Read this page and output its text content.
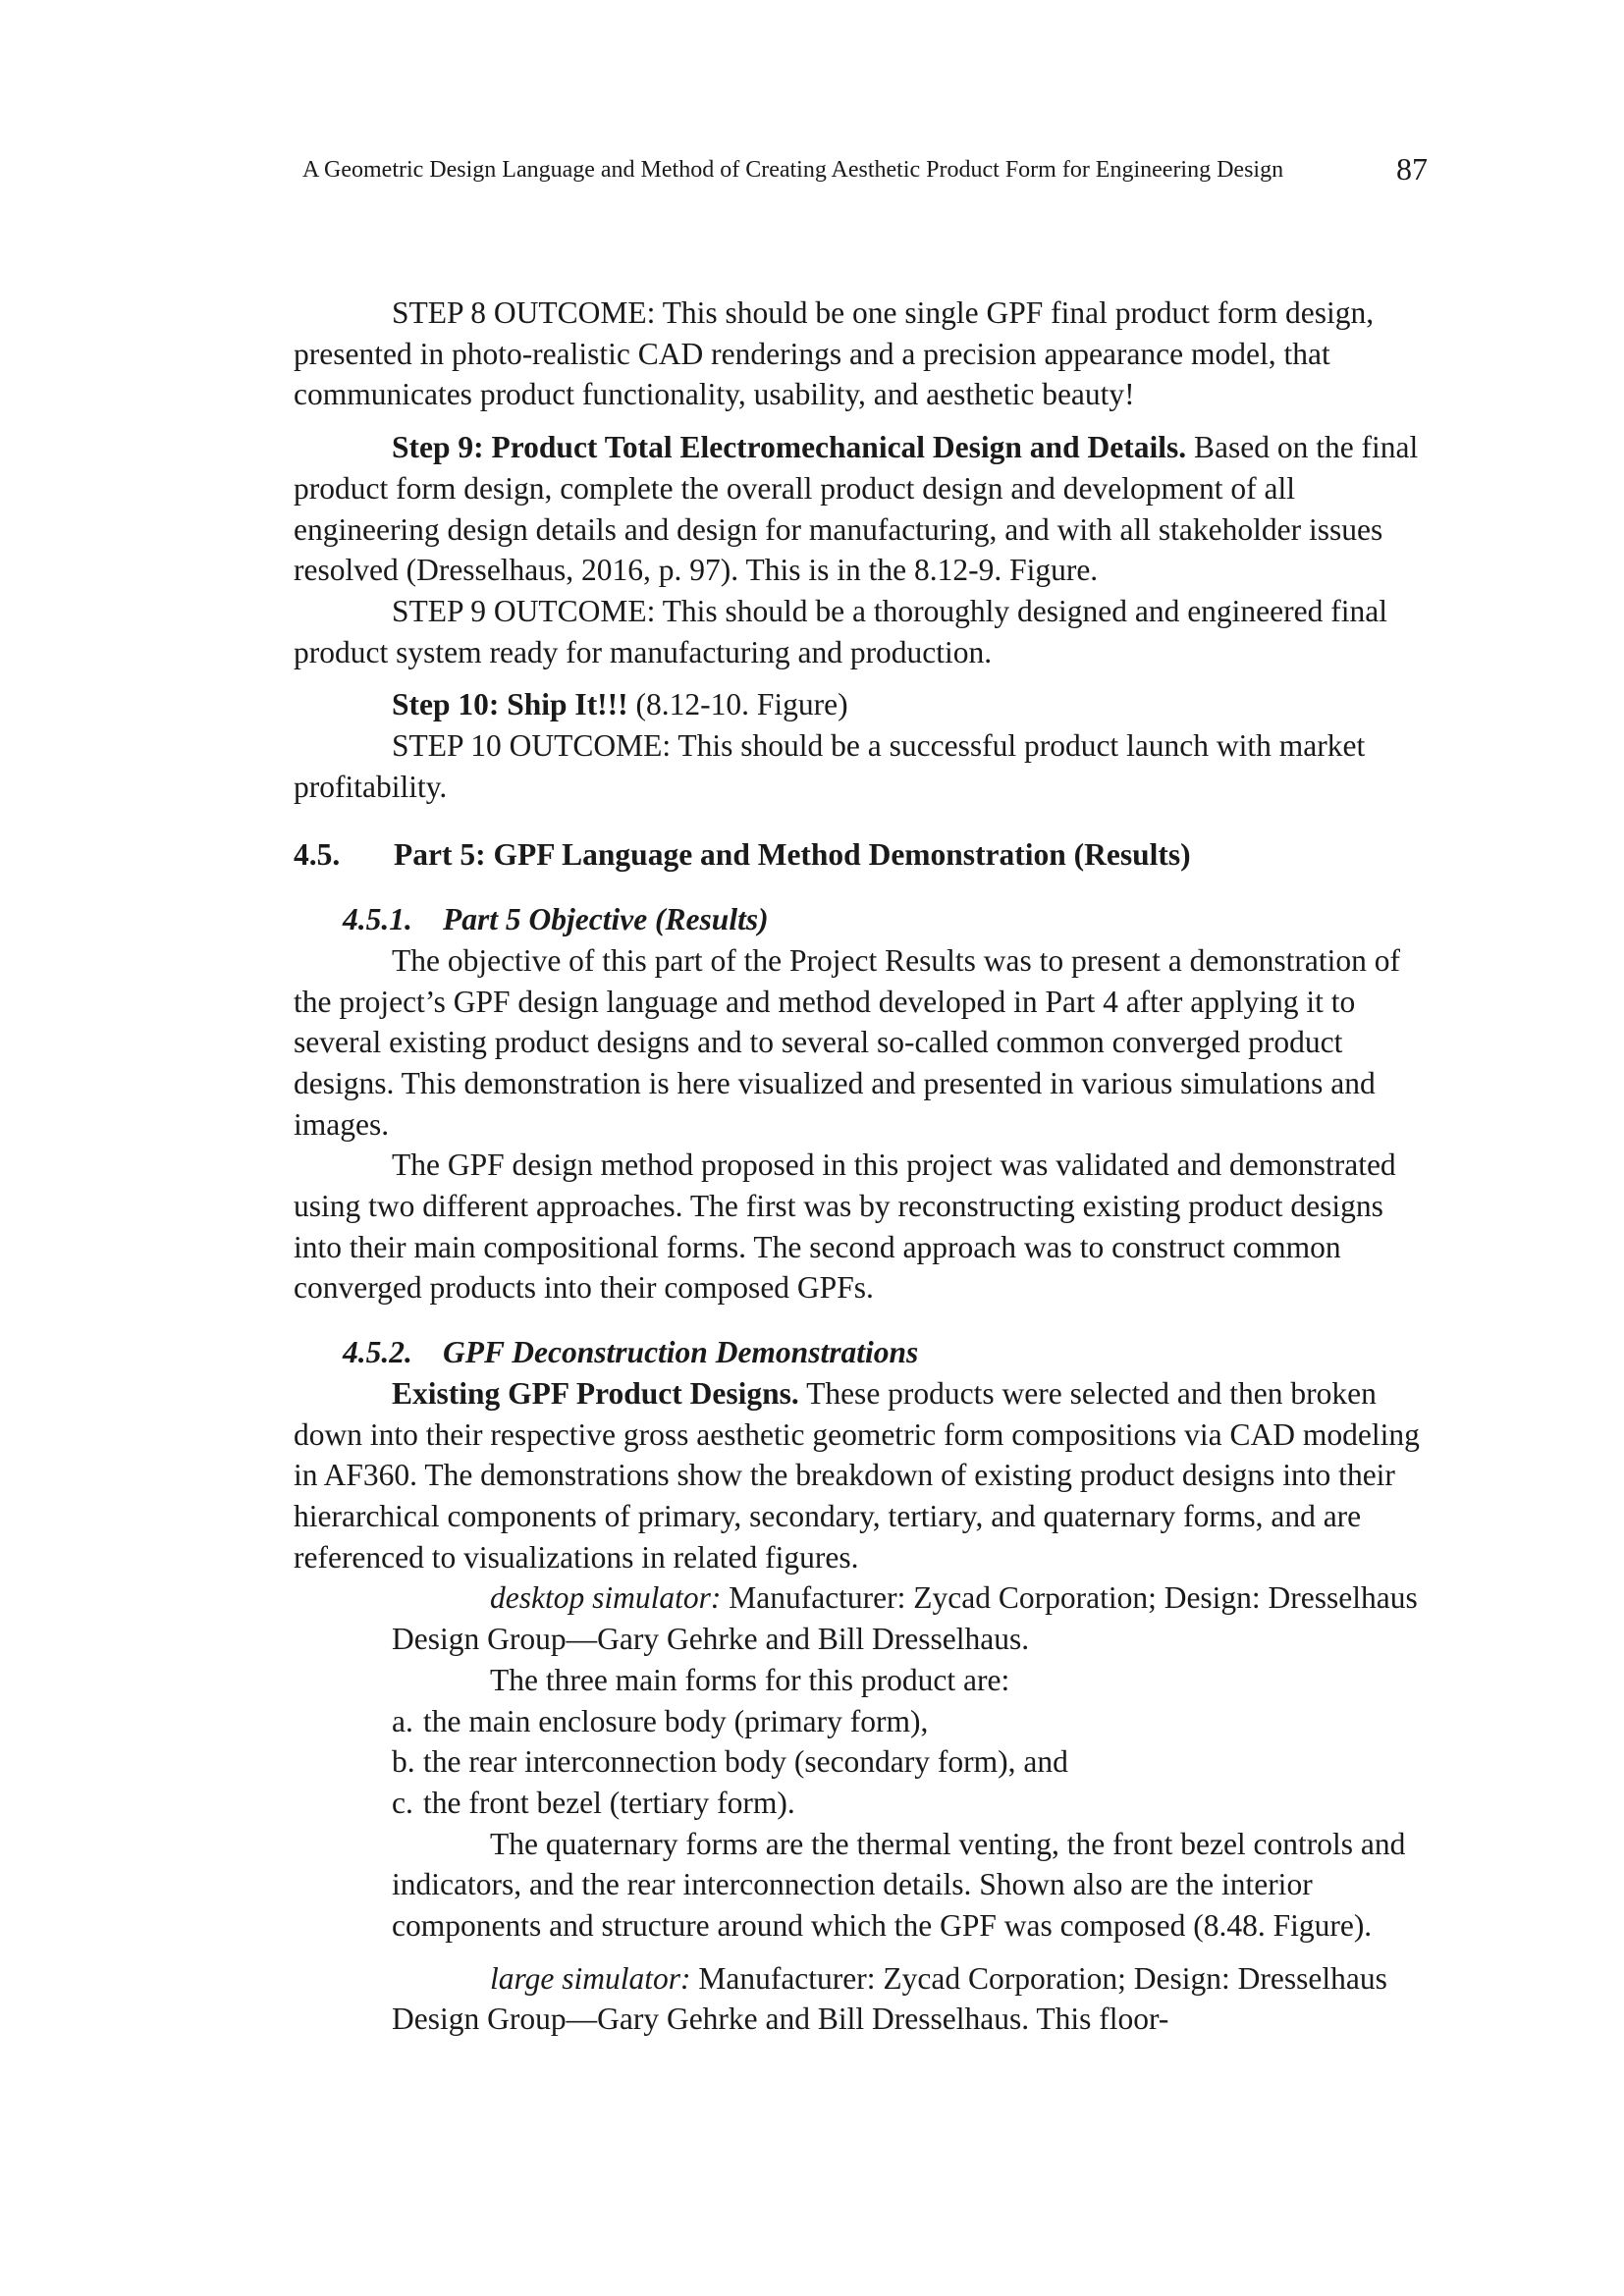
A Geometric Design Language and Method of Creating Aesthetic Product Form for Engineering Design	87

STEP 8 OUTCOME: This should be one single GPF final product form design, presented in photo-realistic CAD renderings and a precision appearance model, that communicates product functionality, usability, and aesthetic beauty!

Step 9: Product Total Electromechanical Design and Details. Based on the final product form design, complete the overall product design and development of all engineering design details and design for manufacturing, and with all stakeholder issues resolved (Dresselhaus, 2016, p. 97). This is in the 8.12-9. Figure.

STEP 9 OUTCOME: This should be a thoroughly designed and engineered final product system ready for manufacturing and production.

Step 10: Ship It!!! (8.12-10. Figure)

STEP 10 OUTCOME: This should be a successful product launch with market profitability.

4.5. Part 5: GPF Language and Method Demonstration (Results)
4.5.1. Part 5 Objective (Results)

The objective of this part of the Project Results was to present a demonstration of the project’s GPF design language and method developed in Part 4 after applying it to several existing product designs and to several so-called common converged product designs. This demonstration is here visualized and presented in various simulations and images.

The GPF design method proposed in this project was validated and demonstrated using two different approaches. The first was by reconstructing existing product designs into their main compositional forms. The second approach was to construct common converged products into their composed GPFs.

4.5.2. GPF Deconstruction Demonstrations

Existing GPF Product Designs. These products were selected and then broken down into their respective gross aesthetic geometric form compositions via CAD modeling in AF360. The demonstrations show the breakdown of existing product designs into their hierarchical components of primary, secondary, tertiary, and quaternary forms, and are referenced to visualizations in related figures.

desktop simulator: Manufacturer: Zycad Corporation; Design: Dresselhaus Design Group—Gary Gehrke and Bill Dresselhaus.

The three main forms for this product are:

a. the main enclosure body (primary form),

b. the rear interconnection body (secondary form), and

c. the front bezel (tertiary form).

The quaternary forms are the thermal venting, the front bezel controls and indicators, and the rear interconnection details. Shown also are the interior components and structure around which the GPF was composed (8.48. Figure).

large simulator: Manufacturer: Zycad Corporation; Design: Dresselhaus Design Group—Gary Gehrke and Bill Dresselhaus. This floor-
